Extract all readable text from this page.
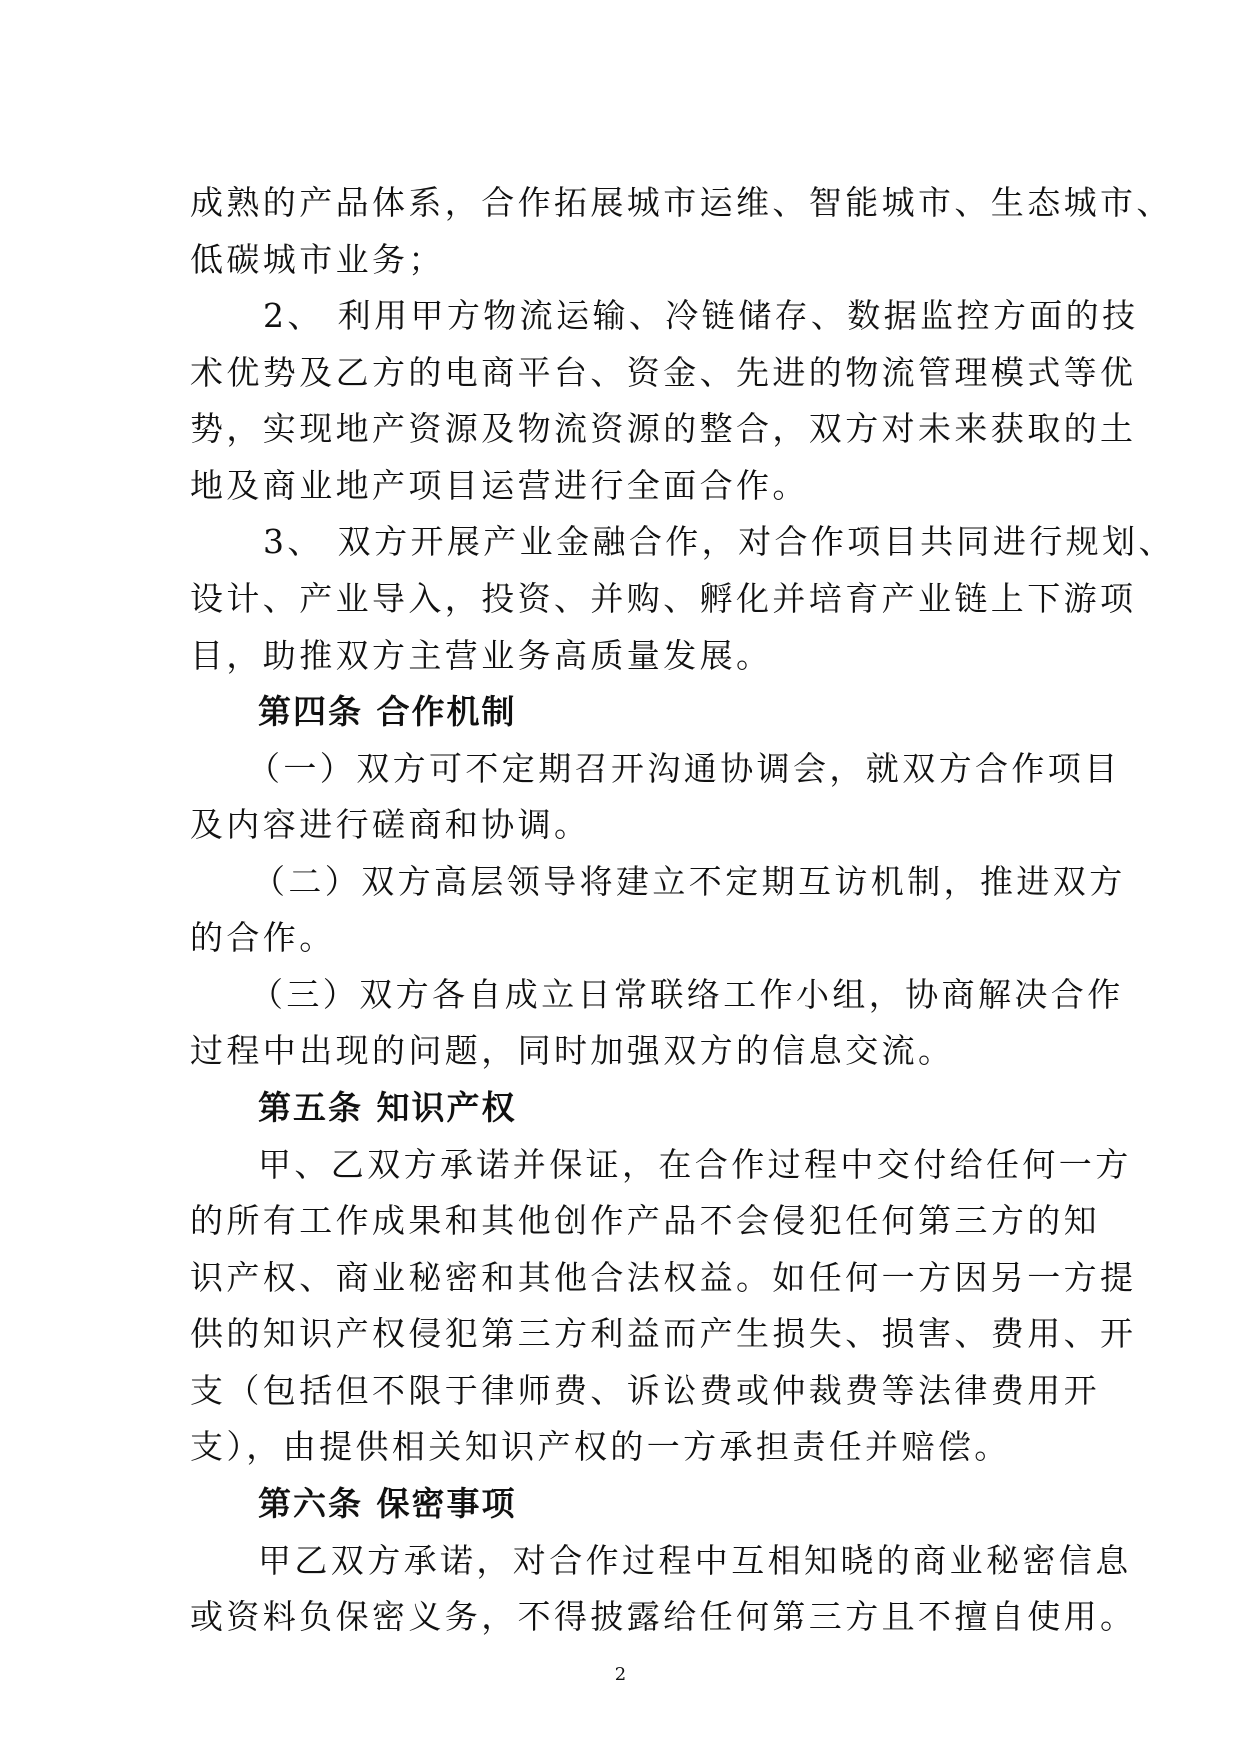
成熟的产品体系，合作拓展城市运维、智能城市、生态城市、
低碳城市业务；
2、 利用甲方物流运输、冷链储存、数据监控方面的技
术优势及乙方的电商平台、资金、先进的物流管理模式等优
势，实现地产资源及物流资源的整合，双方对未来获取的土
地及商业地产项目运营进行全面合作。
3、 双方开展产业金融合作，对合作项目共同进行规划、
设计、产业导入，投资、并购、孵化并培育产业链上下游项
目，助推双方主营业务高质量发展。
第四条 合作机制
（一）双方可不定期召开沟通协调会，就双方合作项目
及内容进行磋商和协调。
（二）双方高层领导将建立不定期互访机制，推进双方
的合作。
（三）双方各自成立日常联络工作小组，协商解决合作
过程中出现的问题，同时加强双方的信息交流。
第五条 知识产权
甲、乙双方承诺并保证，在合作过程中交付给任何一方
的所有工作成果和其他创作产品不会侵犯任何第三方的知
识产权、商业秘密和其他合法权益。如任何一方因另一方提
供的知识产权侵犯第三方利益而产生损失、损害、费用、开
支（包括但不限于律师费、诉讼费或仲裁费等法律费用开
支），由提供相关知识产权的一方承担责任并赔偿。
第六条 保密事项
甲乙双方承诺，对合作过程中互相知晓的商业秘密信息
或资料负保密义务，不得披露给任何第三方且不擅自使用。
2
